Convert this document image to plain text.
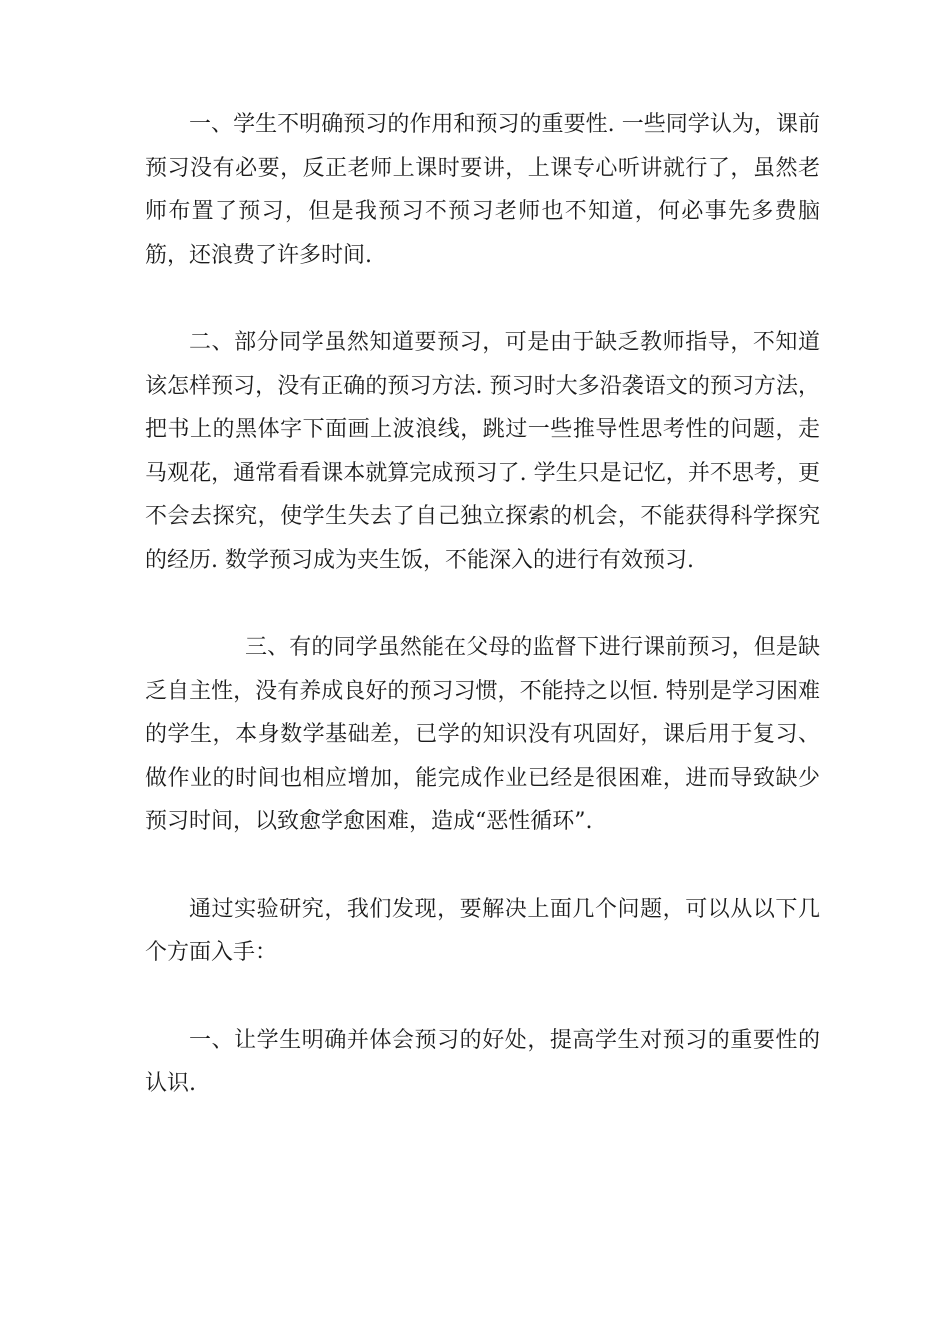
一、学生不明确预习的作用和预习的重要性. 一些同学认为，课前预习没有必要，反正老师上课时要讲，上课专心听讲就行了，虽然老师布置了预习，但是我预习不预习老师也不知道，何必事先多费脑筋，还浪费了许多时间.

二、部分同学虽然知道要预习，可是由于缺乏教师指导，不知道该怎样预习，没有正确的预习方法. 预习时大多沿袭语文的预习方法，把书上的黑体字下面画上波浪线，跳过一些推导性思考性的问题，走马观花，通常看看课本就算完成预习了. 学生只是记忆，并不思考，更不会去探究，使学生失去了自己独立探索的机会，不能获得科学探究的经历. 数学预习成为夹生饭，不能深入的进行有效预习.

三、有的同学虽然能在父母的监督下进行课前预习，但是缺乏自主性，没有养成良好的预习习惯，不能持之以恒. 特别是学习困难的学生，本身数学基础差，已学的知识没有巩固好，课后用于复习、做作业的时间也相应增加，能完成作业已经是很困难，进而导致缺少预习时间，以致愈学愈困难，造成“恶性循环”.

通过实验研究，我们发现，要解决上面几个问题，可以从以下几个方面入手：

一、让学生明确并体会预习的好处，提高学生对预习的重要性的认识.
